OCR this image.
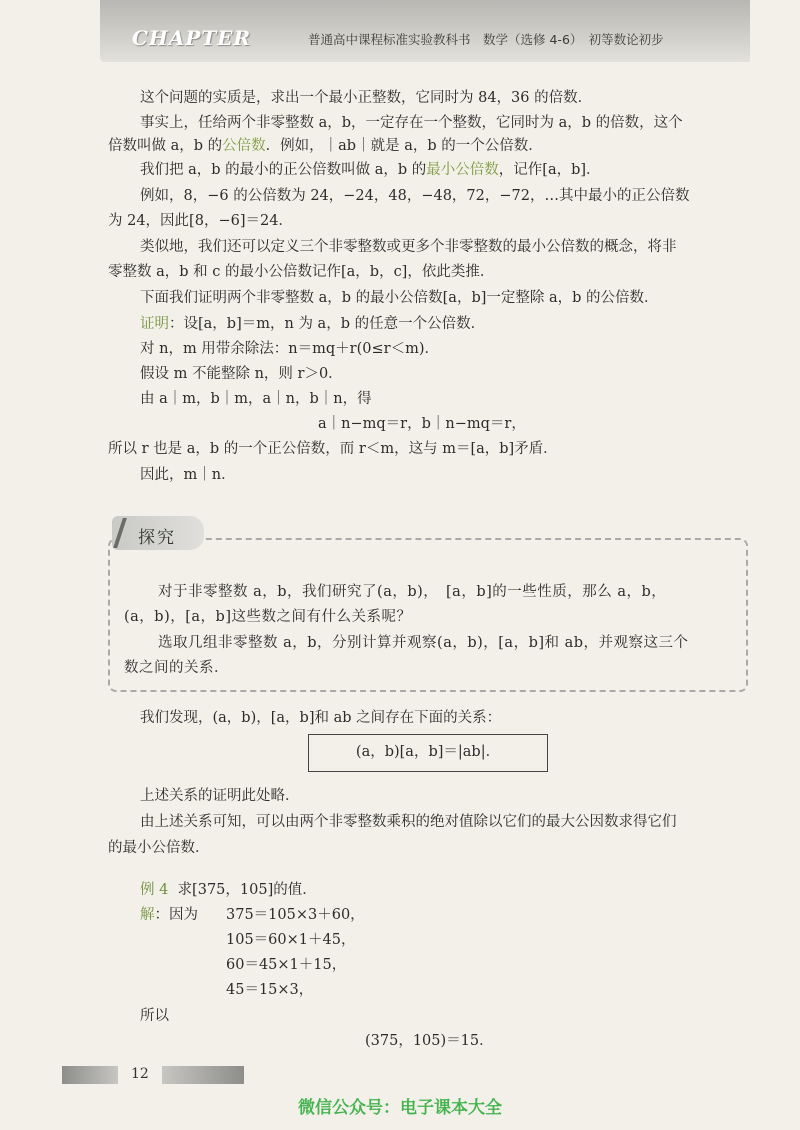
CHAPTER	普通高中课程标准实验教科书　数学（选修 4-6）　初等数论初步
这个问题的实质是，求出一个最小正整数，它同时为 84，36 的倍数．
事实上，任给两个非零整数 a，b，一定存在一个整数，它同时为 a，b 的倍数，这个
倍数叫做 a，b 的公倍数．例如，｜ab｜就是 a，b 的一个公倍数．
我们把 a，b 的最小的正公倍数叫做 a，b 的最小公倍数，记作[a，b]．
例如，8，−6 的公倍数为 24，−24，48，−48，72，−72，…其中最小的正公倍数
为 24，因此[8，−6]＝24．
类似地，我们还可以定义三个非零整数或更多个非零整数的最小公倍数的概念，将非
零整数 a，b 和 c 的最小公倍数记作[a，b，c]，依此类推．
下面我们证明两个非零整数 a，b 的最小公倍数[a，b]一定整除 a，b 的公倍数．
证明：设[a，b]＝m，n 为 a，b 的任意一个公倍数．
对 n，m 用带余除法：n＝mq＋r(0≤r＜m)．
假设 m 不能整除 n，则 r＞0．
由 a｜m，b｜m，a｜n，b｜n，得
a｜n−mq＝r，b｜n−mq＝r，
所以 r 也是 a，b 的一个正公倍数，而 r＜m，这与 m＝[a，b]矛盾．
因此，m｜n．
探究
对于非零整数 a，b，我们研究了(a，b)，　[a，b]的一些性质，那么 a，b，
(a，b)，[a，b]这些数之间有什么关系呢？
选取几组非零整数 a，b，分别计算并观察(a，b)，[a，b]和 ab，并观察这三个
数之间的关系．
我们发现，(a，b)，[a，b]和 ab 之间存在下面的关系：
(a，b)[a，b]＝|ab|．
上述关系的证明此处略．
由上述关系可知，可以由两个非零整数乘积的绝对值除以它们的最大公因数求得它们
的最小公倍数．
例 4 求[375，105]的值．
解：因为 375＝105×3＋60，
105＝60×1＋45，
60＝45×1＋15，
45＝15×3，
所以
(375，105)＝15．
12
微信公众号：电子课本大全
